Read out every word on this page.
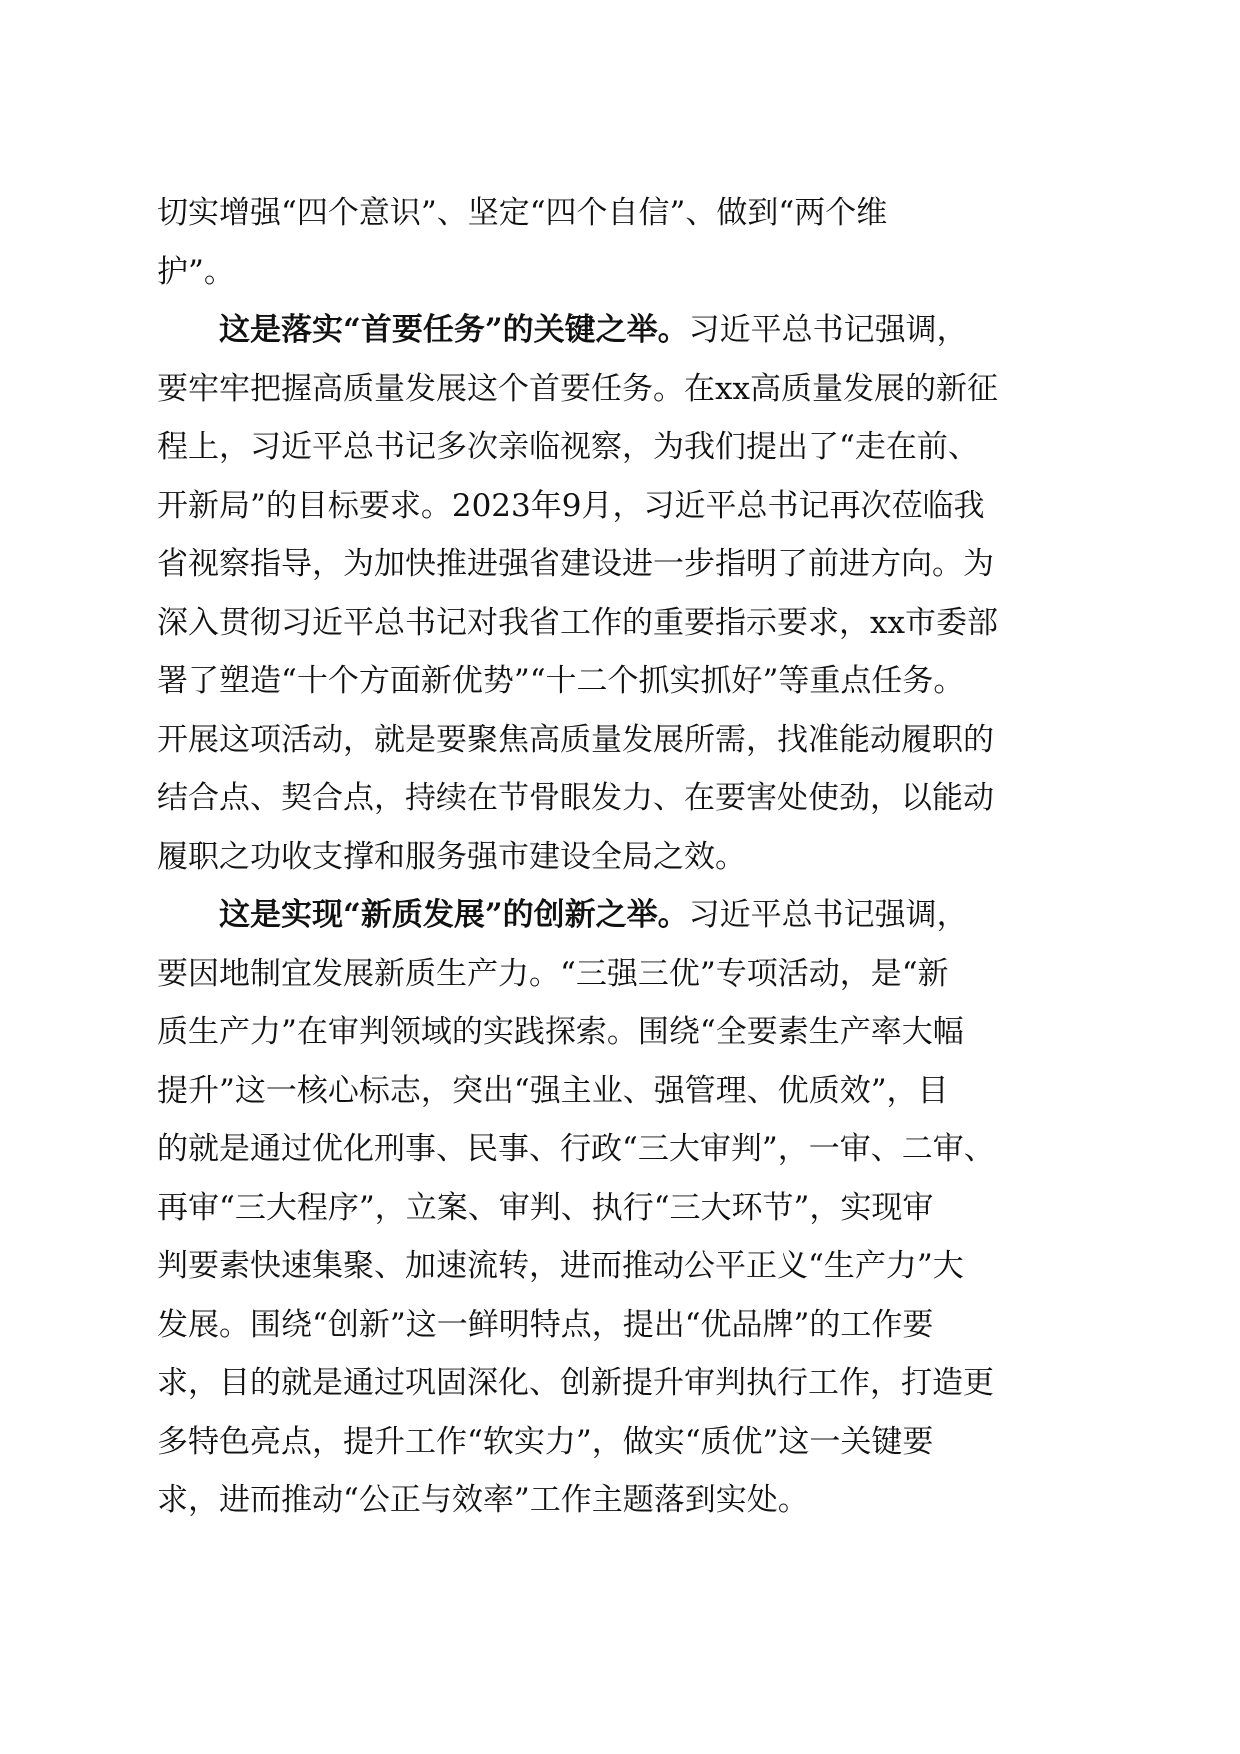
切实增强“四个意识”、坚定“四个自信”、做到“两个维
护”。
这是落实“首要任务”的关键之举。习近平总书记强调，
要牢牢把握高质量发展这个首要任务。在xx高质量发展的新征
程上，习近平总书记多次亲临视察，为我们提出了“走在前、
开新局”的目标要求。2023年9月，习近平总书记再次莅临我
省视察指导，为加快推进强省建设进一步指明了前进方向。为
深入贯彻习近平总书记对我省工作的重要指示要求，xx市委部
署了塑造“十个方面新优势”“十二个抓实抓好”等重点任务。
开展这项活动，就是要聚焦高质量发展所需，找准能动履职的
结合点、契合点，持续在节骨眼发力、在要害处使劲，以能动
履职之功收支撑和服务强市建设全局之效。
这是实现“新质发展”的创新之举。习近平总书记强调，
要因地制宜发展新质生产力。“三强三优”专项活动，是“新
质生产力”在审判领域的实践探索。围绕“全要素生产率大幅
提升”这一核心标志，突出“强主业、强管理、优质效”，目
的就是通过优化刑事、民事、行政“三大审判”，一审、二审、
再审“三大程序”，立案、审判、执行“三大环节”，实现审
判要素快速集聚、加速流转，进而推动公平正义“生产力”大
发展。围绕“创新”这一鲜明特点，提出“优品牌”的工作要
求，目的就是通过巩固深化、创新提升审判执行工作，打造更
多特色亮点，提升工作“软实力”，做实“质优”这一关键要
求，进而推动“公正与效率”工作主题落到实处。
